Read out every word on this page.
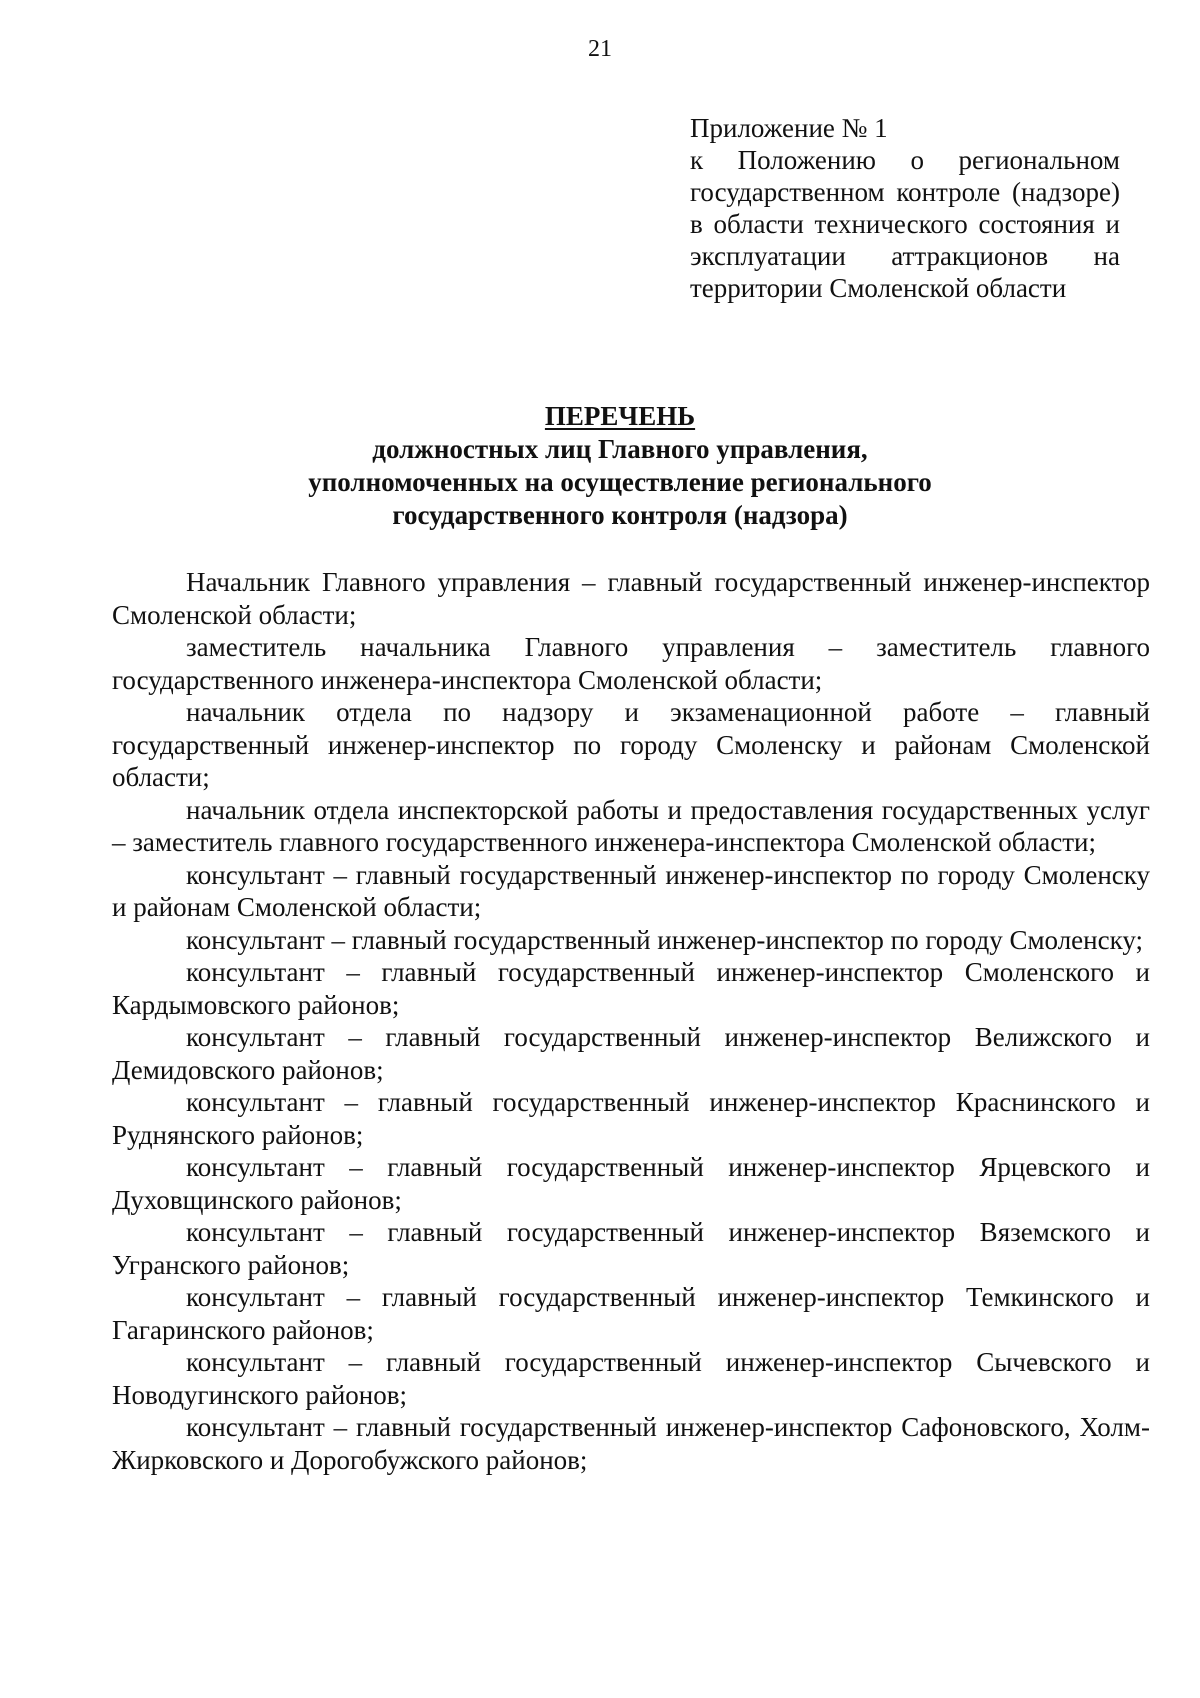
21
Приложение № 1
к Положению о региональном государственном контроле (надзоре) в области технического состояния и эксплуатации аттракционов на территории Смоленской области
ПЕРЕЧЕНЬ
должностных лиц Главного управления,
уполномоченных на осуществление регионального
государственного контроля (надзора)

Начальник Главного управления – главный государственный инженер-инспектор Смоленской области;

заместитель начальника Главного управления – заместитель главного государственного инженера-инспектора Смоленской области;

начальник отдела по надзору и экзаменационной работе – главный государственный инженер-инспектор по городу Смоленску и районам Смоленской области;

начальник отдела инспекторской работы и предоставления государственных услуг – заместитель главного государственного инженера-инспектора Смоленской области;

консультант – главный государственный инженер-инспектор по городу Смоленску и районам Смоленской области;

консультант – главный государственный инженер-инспектор по городу Смоленску;

консультант – главный государственный инженер-инспектор Смоленского и Кардымовского районов;

консультант – главный государственный инженер-инспектор Велижского и Демидовского районов;

консультант – главный государственный инженер-инспектор Краснинского и Руднянского районов;

консультант – главный государственный инженер-инспектор Ярцевского и Духовщинского районов;

консультант – главный государственный инженер-инспектор Вяземского и Угранского районов;

консультант – главный государственный инженер-инспектор Темкинского и Гагаринского районов;

консультант – главный государственный инженер-инспектор Сычевского и Новодугинского районов;

консультант – главный государственный инженер-инспектор Сафоновского, Холм-Жирковского и Дорогобужского районов;
